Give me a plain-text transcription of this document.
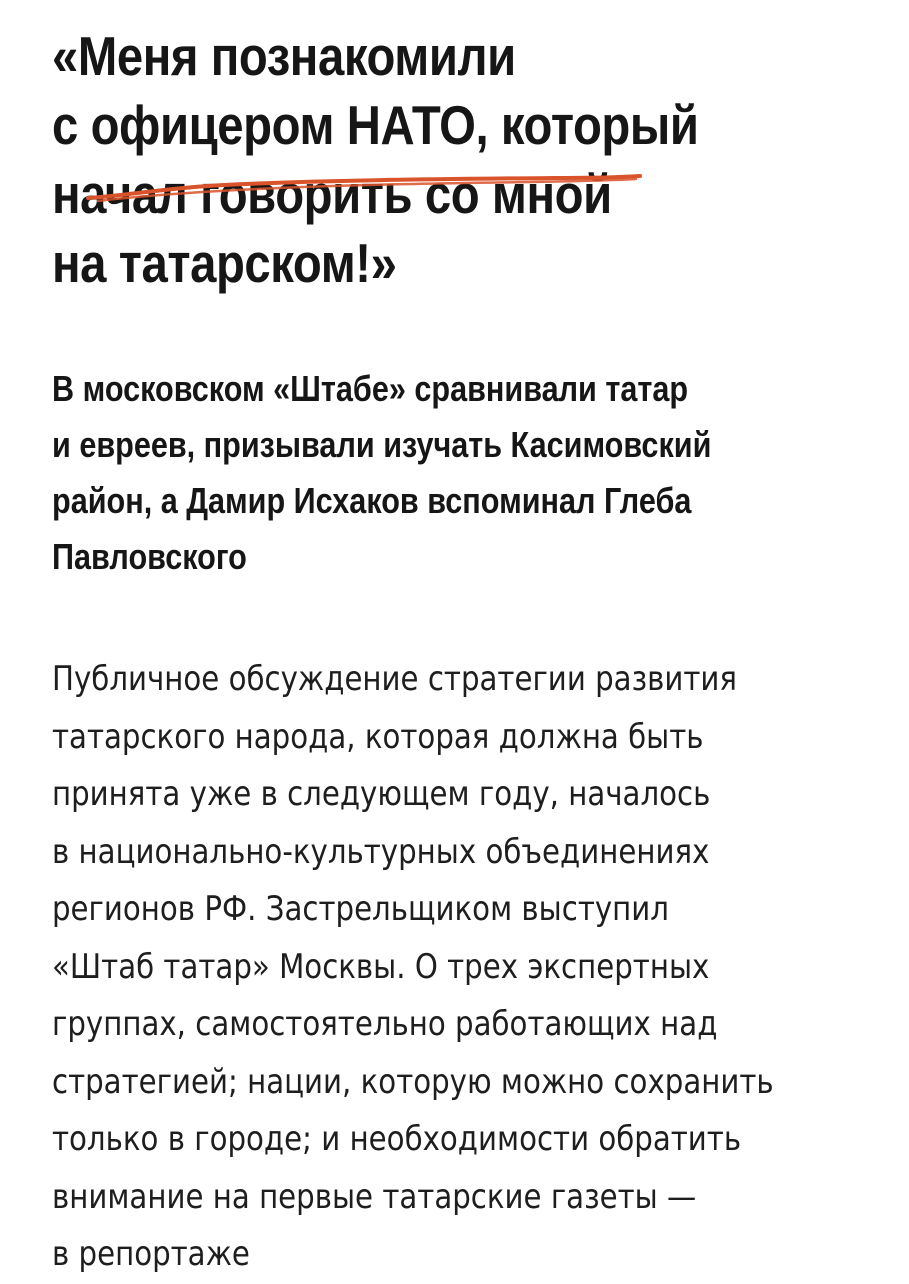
«Меня познакомили
с офицером НАТО, который
начал говорить со мной
на татарском!»

В московском «Штабе» сравнивали татар
и евреев, призывали изучать Касимовский
район, а Дамир Исхаков вспоминал Глеба
Павловского

Публичное обсуждение стратегии развития
татарского народа, которая должна быть
принята уже в следующем году, началось
в национально-культурных объединениях
регионов РФ. Застрельщиком выступил
«Штаб татар» Москвы. О трех экспертных
группах, самостоятельно работающих над
стратегией; нации, которую можно сохранить
только в городе; и необходимости обратить
внимание на первые татарские газеты —
в репортаже
